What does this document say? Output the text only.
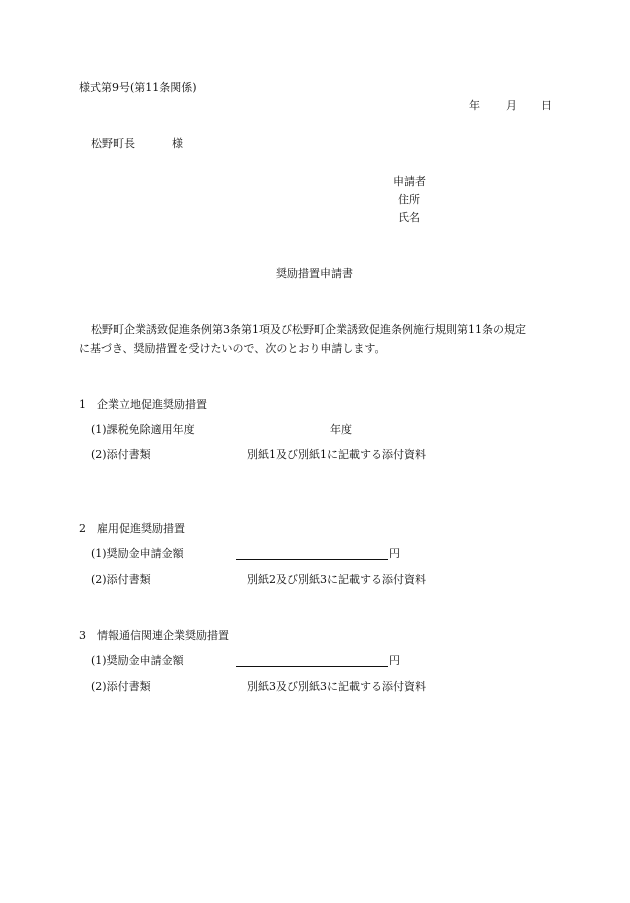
様式第9号(第11条関係)
年 月 日
松野町長	様
申請者
住所
氏名
奨励措置申請書
松野町企業誘致促進条例第3条第1項及び松野町企業誘致促進条例施行規則第11条の規定
に基づき、奨励措置を受けたいので、次のとおり申請します。
1　企業立地促進奨励措置
(1)課税免除適用年度	年度
(2)添付書類	別紙1及び別紙1に記載する添付資料
2　雇用促進奨励措置
(1)奨励金申請金額	円
(2)添付書類	別紙2及び別紙3に記載する添付資料
3　情報通信関連企業奨励措置
(1)奨励金申請金額	円
(2)添付書類	別紙3及び別紙3に記載する添付資料
